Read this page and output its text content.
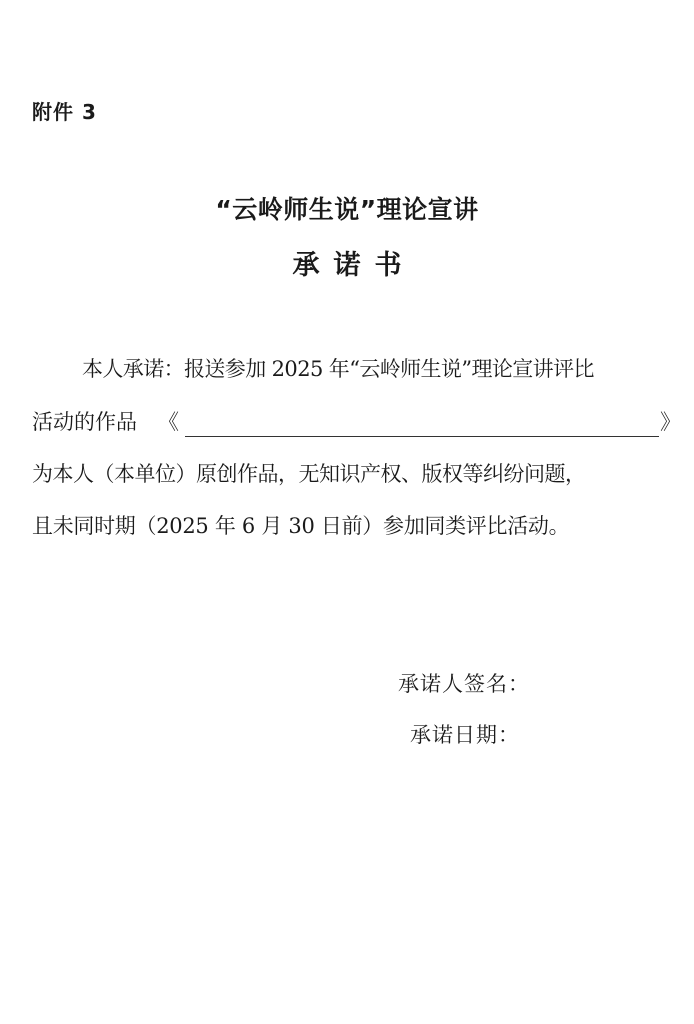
附件 3
“云岭师生说”理论宣讲
承诺书
本人承诺：报送参加 2025 年“云岭师生说”理论宣讲评比
活动的作品 《	》
为本人（本单位）原创作品，无知识产权、版权等纠纷问题，
且未同时期（2025 年 6 月 30 日前）参加同类评比活动。
承诺人签名：
承诺日期：
